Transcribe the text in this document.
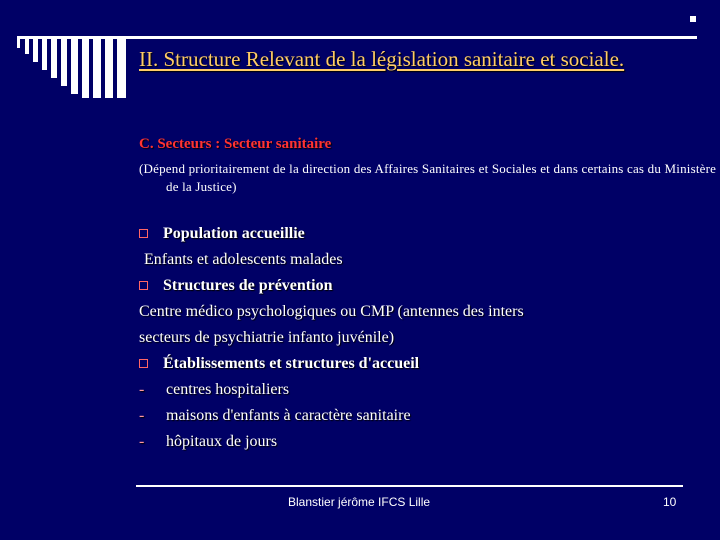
II. Structure Relevant de la législation sanitaire et sociale.
C. Secteurs : Secteur sanitaire
(Dépend prioritairement de la direction des Affaires Sanitaires et Sociales et dans certains cas du Ministère de la Justice)
Population accueillie
Enfants et adolescents malades
Structures de prévention
Centre médico psychologiques ou CMP (antennes des inters
secteurs de psychiatrie infanto juvénile)
Établissements et structures d'accueil
- centres hospitaliers
- maisons d'enfants à caractère sanitaire
- hôpitaux de jours
Blanstier jérôme IFCS Lille	10
